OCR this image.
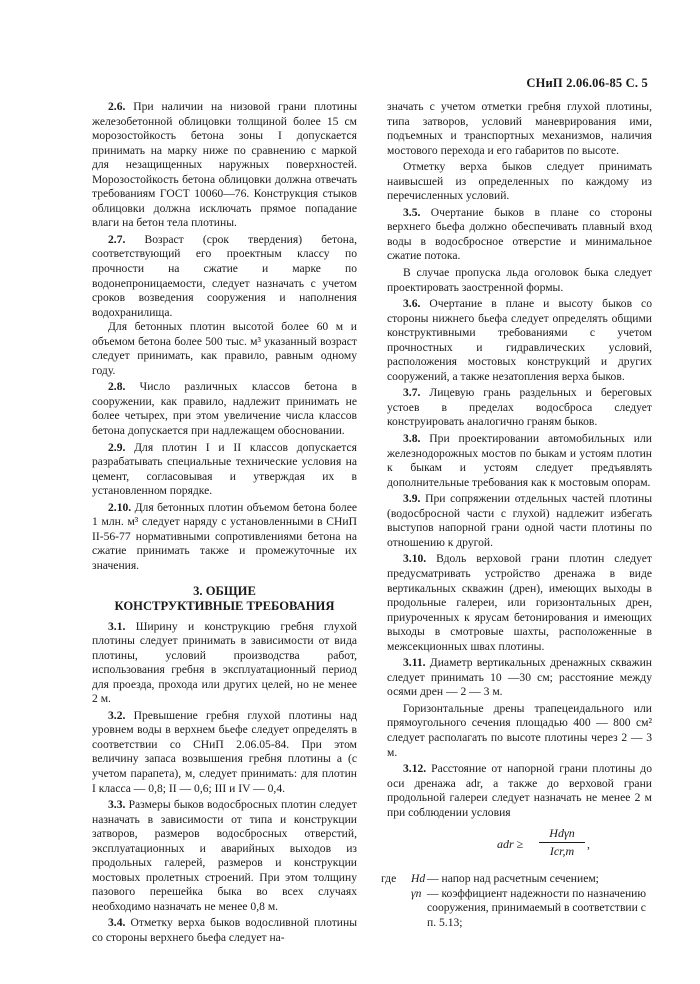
СНиП 2.06.06-85 С. 5

2.6. При наличии на низовой грани плотины железобетонной облицовки толщиной более 15 см морозостойкость бетона зоны I допускается принимать на марку ниже по сравнению с маркой для незащищенных наружных поверхностей. Морозостойкость бетона облицовки должна отвечать требованиям ГОСТ 10060—76. Конструкция стыков облицовки должна исключать прямое попадание влаги на бетон тела плотины.

2.7. Возраст (срок твердения) бетона, соответствующий его проектным классу по прочности на сжатие и марке по водонепроницаемости, следует назначать с учетом сроков возведения сооружения и наполнения водохранилища.

Для бетонных плотин высотой более 60 м и объемом бетона более 500 тыс. м³ указанный возраст следует принимать, как правило, равным одному году.

2.8. Число различных классов бетона в сооружении, как правило, надлежит принимать не более четырех, при этом увеличение числа классов бетона допускается при надлежащем обосновании.

2.9. Для плотин I и II классов допускается разрабатывать специальные технические условия на цемент, согласовывая и утверждая их в установленном порядке.

2.10. Для бетонных плотин объемом бетона более 1 млн. м³ следует наряду с установленными в СНиП II-56-77 нормативными сопротивлениями бетона на сжатие принимать также и промежуточные их значения.

3. ОБЩИЕ
КОНСТРУКТИВНЫЕ ТРЕБОВАНИЯ

3.1. Ширину и конструкцию гребня глухой плотины следует принимать в зависимости от вида плотины, условий производства работ, использования гребня в эксплуатационный период для проезда, прохода или других целей, но не менее 2 м.

3.2. Превышение гребня глухой плотины над уровнем воды в верхнем бьефе следует определять в соответствии со СНиП 2.06.05-84. При этом величину запаса возвышения гребня плотины a (с учетом парапета), м, следует принимать: для плотин I класса — 0,8; II — 0,6; III и IV — 0,4.

3.3. Размеры быков водосбросных плотин следует назначать в зависимости от типа и конструкции затворов, размеров водосбросных отверстий, эксплуатационных и аварийных выходов из продольных галерей, размеров и конструкции мостовых пролетных строений. При этом толщину пазового перешейка быка во всех случаях необходимо назначать не менее 0,8 м.

3.4. Отметку верха быков водосливной плотины со стороны верхнего бьефа следует на-

значать с учетом отметки гребня глухой плотины, типа затворов, условий маневрирования ими, подъемных и транспортных механизмов, наличия мостового перехода и его габаритов по высоте.

Отметку верха быков следует принимать наивысшей из определенных по каждому из перечисленных условий.

3.5. Очертание быков в плане со стороны верхнего бьефа должно обеспечивать плавный вход воды в водосбросное отверстие и минимальное сжатие потока.

В случае пропуска льда оголовок быка следует проектировать заостренной формы.

3.6. Очертание в плане и высоту быков со стороны нижнего бьефа следует определять общими конструктивными требованиями с учетом прочностных и гидравлических условий, расположения мостовых конструкций и других сооружений, а также незатопления верха быков.

3.7. Лицевую грань раздельных и береговых устоев в пределах водосброса следует конструировать аналогично граням быков.

3.8. При проектировании автомобильных или железнодорожных мостов по быкам и устоям плотин к быкам и устоям следует предъявлять дополнительные требования как к мостовым опорам.

3.9. При сопряжении отдельных частей плотины (водосбросной части с глухой) надлежит избегать выступов напорной грани одной части плотины по отношению к другой.

3.10. Вдоль верховой грани плотин следует предусматривать устройство дренажа в виде вертикальных скважин (дрен), имеющих выходы в продольные галереи, или горизонтальных дрен, приуроченных к ярусам бетонирования и имеющих выходы в смотровые шахты, расположенные в межсекционных швах плотины.

3.11. Диаметр вертикальных дренажных скважин следует принимать 10 —30 см; расстояние между осями дрен — 2 — 3 м.

Горизонтальные дрены трапецеидального или прямоугольного сечения площадью 400 — 800 см² следует располагать по высоте плотины через 2 — 3 м.

3.12. Расстояние от напорной грани плотины до оси дренажа adr, а также до верховой грани продольной галереи следует назначать не менее 2 м при соблюдении условия

adr ≥
Hdγn
Icr,m	,
где	Hd — напор над расчетным сечением;
γn — коэффициент надежности по назначению сооружения, принимаемый в соответствии с п. 5.13;
